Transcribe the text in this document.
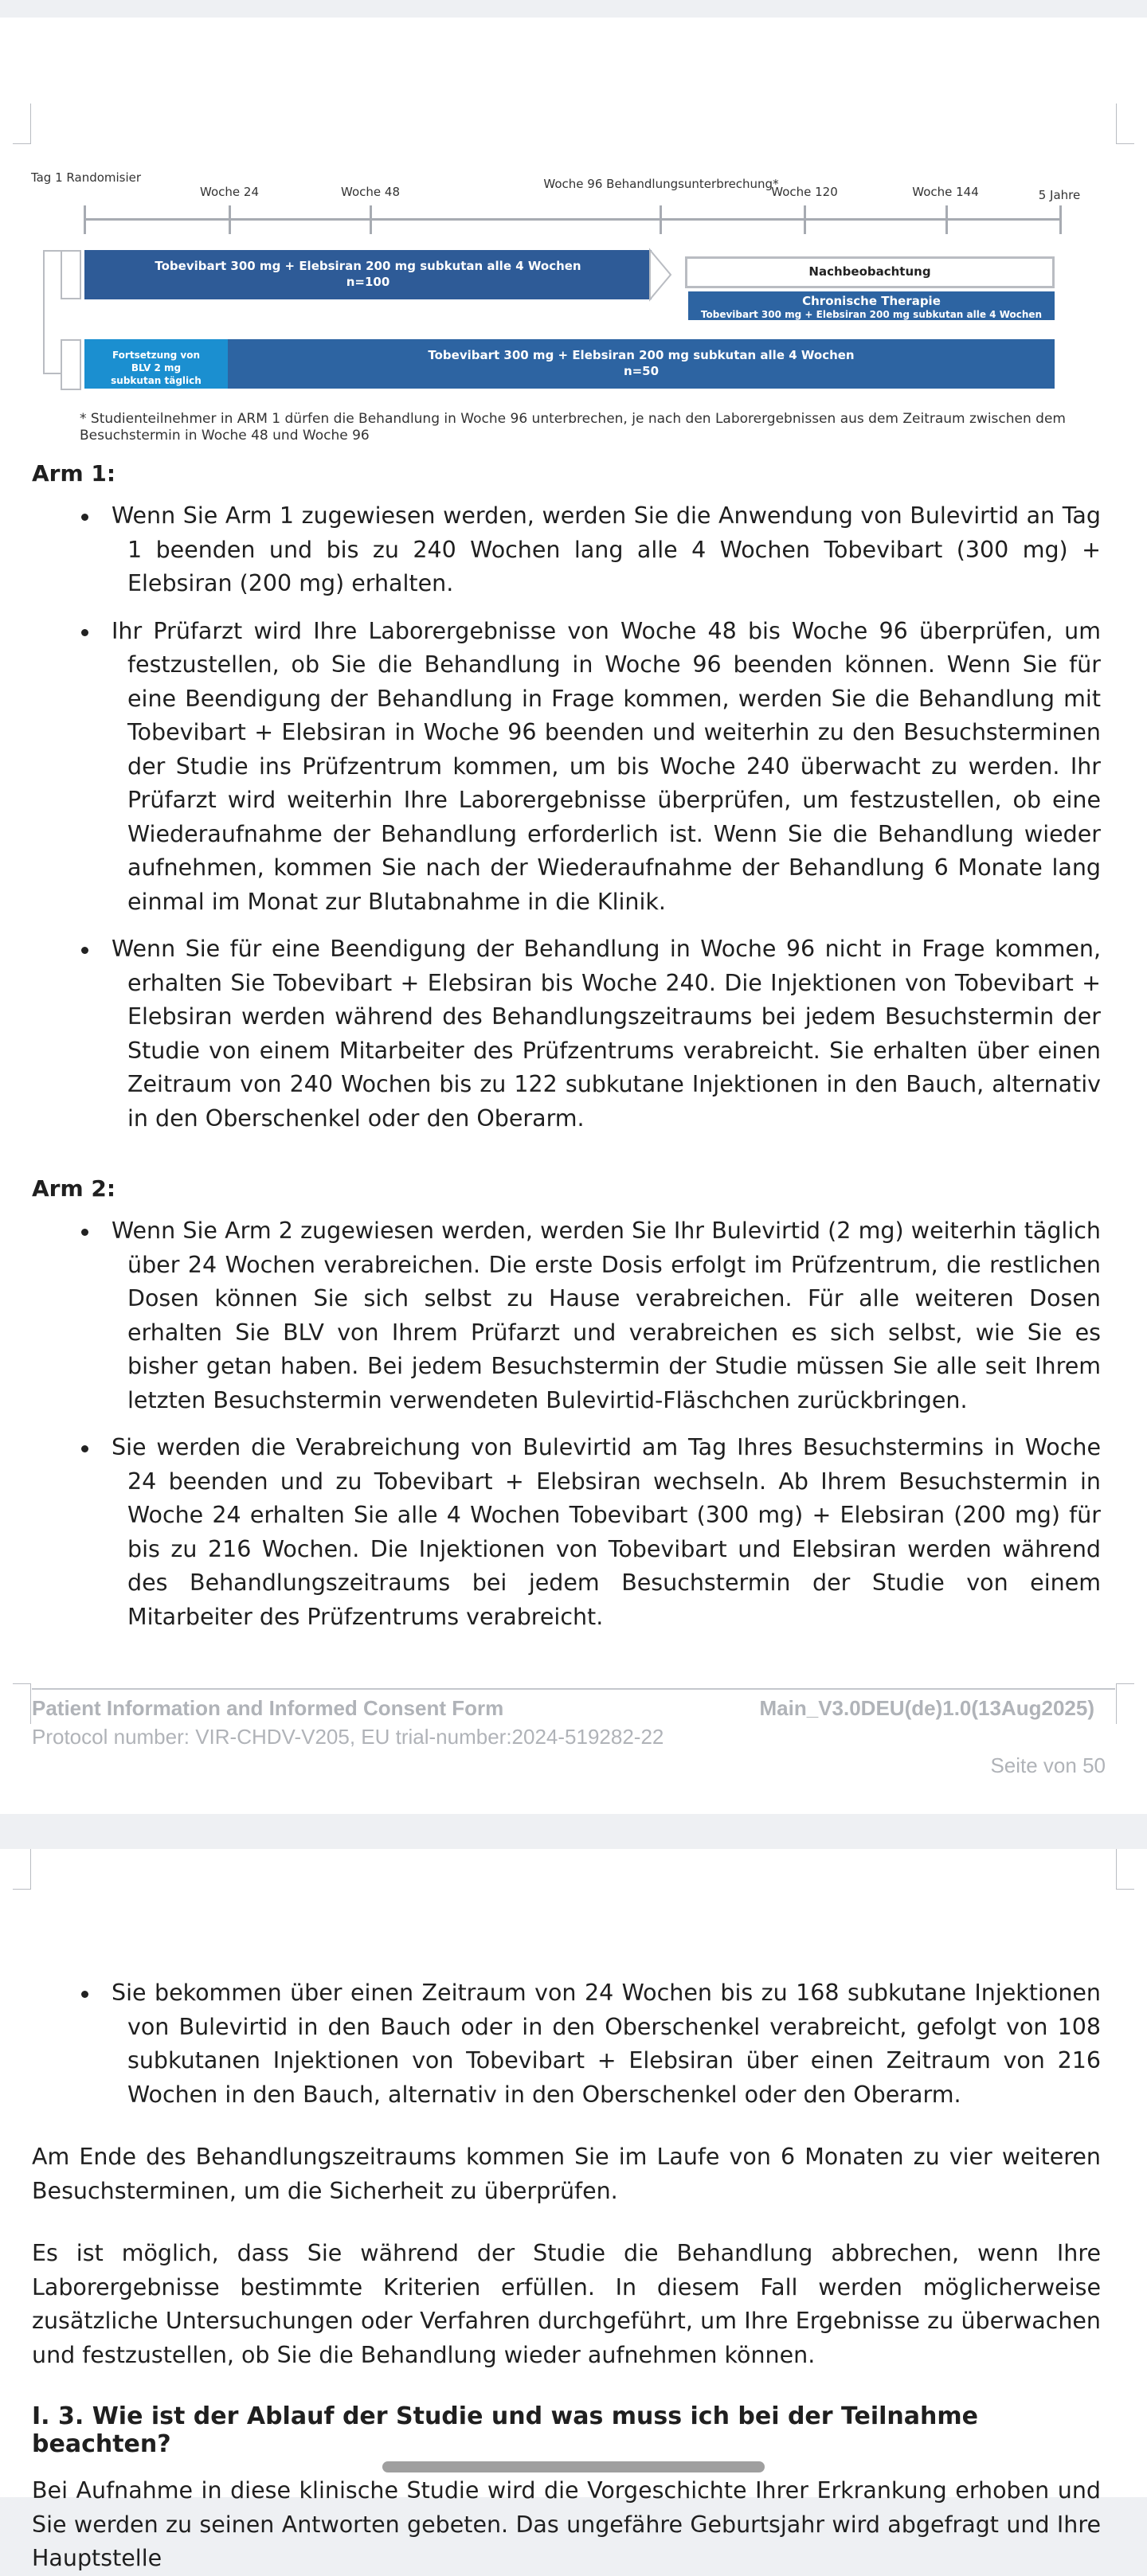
Tag 1 Randomisier
Woche 24	Woche 48
Woche 96 Behandlungsunterbrechung*
Woche 120	Woche 144	5 Jahre
Tobevibart 300 mg + Elebsiran 200 mg subkutan alle 4 Wochen
n=100
Nachbeobachtung
Chronische Therapie
Tobevibart 300 mg + Elebsiran 200 mg subkutan alle 4 Wochen
Fortsetzung von
BLV 2 mg
subkutan täglich
Tobevibart 300 mg + Elebsiran 200 mg subkutan alle 4 Wochen
n=50
* Studienteilnehmer in ARM 1 dürfen die Behandlung in Woche 96 unterbrechen, je nach den Laborergebnissen aus dem Zeitraum zwischen dem Besuchstermin in Woche 48 und Woche 96

Arm 1:

Wenn Sie Arm 1 zugewiesen werden, werden Sie die Anwendung von Bulevirtid an Tag 1 beenden und bis zu 240 Wochen lang alle 4 Wochen Tobevibart (300 mg) + Elebsiran (200 mg) erhalten.
Ihr Prüfarzt wird Ihre Laborergebnisse von Woche 48 bis Woche 96 überprüfen, um festzustellen, ob Sie die Behandlung in Woche 96 beenden können. Wenn Sie für eine Beendigung der Behandlung in Frage kommen, werden Sie die Behandlung mit Tobevibart + Elebsiran in Woche 96 beenden und weiterhin zu den Besuchsterminen der Studie ins Prüfzentrum kommen, um bis Woche 240 überwacht zu werden. Ihr Prüfarzt wird weiterhin Ihre Laborergebnisse überprüfen, um festzustellen, ob eine Wiederaufnahme der Behandlung erforderlich ist. Wenn Sie die Behandlung wieder aufnehmen, kommen Sie nach der Wiederaufnahme der Behandlung 6 Monate lang einmal im Monat zur Blutabnahme in die Klinik.
Wenn Sie für eine Beendigung der Behandlung in Woche 96 nicht in Frage kommen, erhalten Sie Tobevibart + Elebsiran bis Woche 240. Die Injektionen von Tobevibart + Elebsiran werden während des Behandlungszeitraums bei jedem Besuchstermin der Studie von einem Mitarbeiter des Prüfzentrums verabreicht. Sie erhalten über einen Zeitraum von 240 Wochen bis zu 122 subkutane Injektionen in den Bauch, alternativ in den Oberschenkel oder den Oberarm.

Arm 2:

Wenn Sie Arm 2 zugewiesen werden, werden Sie Ihr Bulevirtid (2 mg) weiterhin täglich über 24 Wochen verabreichen. Die erste Dosis erfolgt im Prüfzentrum, die restlichen Dosen können Sie sich selbst zu Hause verabreichen. Für alle weiteren Dosen erhalten Sie BLV von Ihrem Prüfarzt und verabreichen es sich selbst, wie Sie es bisher getan haben. Bei jedem Besuchstermin der Studie müssen Sie alle seit Ihrem letzten Besuchstermin verwendeten Bulevirtid-Fläschchen zurückbringen.
Sie werden die Verabreichung von Bulevirtid am Tag Ihres Besuchstermins in Woche 24 beenden und zu Tobevibart + Elebsiran wechseln. Ab Ihrem Besuchstermin in Woche 24 erhalten Sie alle 4 Wochen Tobevibart (300 mg) + Elebsiran (200 mg) für bis zu 216 Wochen. Die Injektionen von Tobevibart und Elebsiran werden während des Behandlungszeitraums bei jedem Besuchstermin der Studie von einem Mitarbeiter des Prüfzentrums verabreicht.
Patient Information and Informed Consent Form	Main_V3.0DEU(de)1.0(13Aug2025)
Protocol number: VIR-CHDV-V205, EU trial-number:2024-519282-22
Seite von 50
Sie bekommen über einen Zeitraum von 24 Wochen bis zu 168 subkutane Injektionen von Bulevirtid in den Bauch oder in den Oberschenkel verabreicht, gefolgt von 108 subkutanen Injektionen von Tobevibart + Elebsiran über einen Zeitraum von 216 Wochen in den Bauch, alternativ in den Oberschenkel oder den Oberarm.

Am Ende des Behandlungszeitraums kommen Sie im Laufe von 6 Monaten zu vier weiteren Besuchsterminen, um die Sicherheit zu überprüfen.

Es ist möglich, dass Sie während der Studie die Behandlung abbrechen, wenn Ihre Laborergebnisse bestimmte Kriterien erfüllen. In diesem Fall werden möglicherweise zusätzliche Untersuchungen oder Verfahren durchgeführt, um Ihre Ergebnisse zu überwachen und festzustellen, ob Sie die Behandlung wieder aufnehmen können.

I. 3. Wie ist der Ablauf der Studie und was muss ich bei der Teilnahme beachten?

Bei Aufnahme in diese klinische Studie wird die Vorgeschichte Ihrer Erkrankung erhoben und Sie werden zu seinen Antworten gebeten. Das ungefähre Geburtsjahr wird abgefragt und Ihre Hauptstelle
